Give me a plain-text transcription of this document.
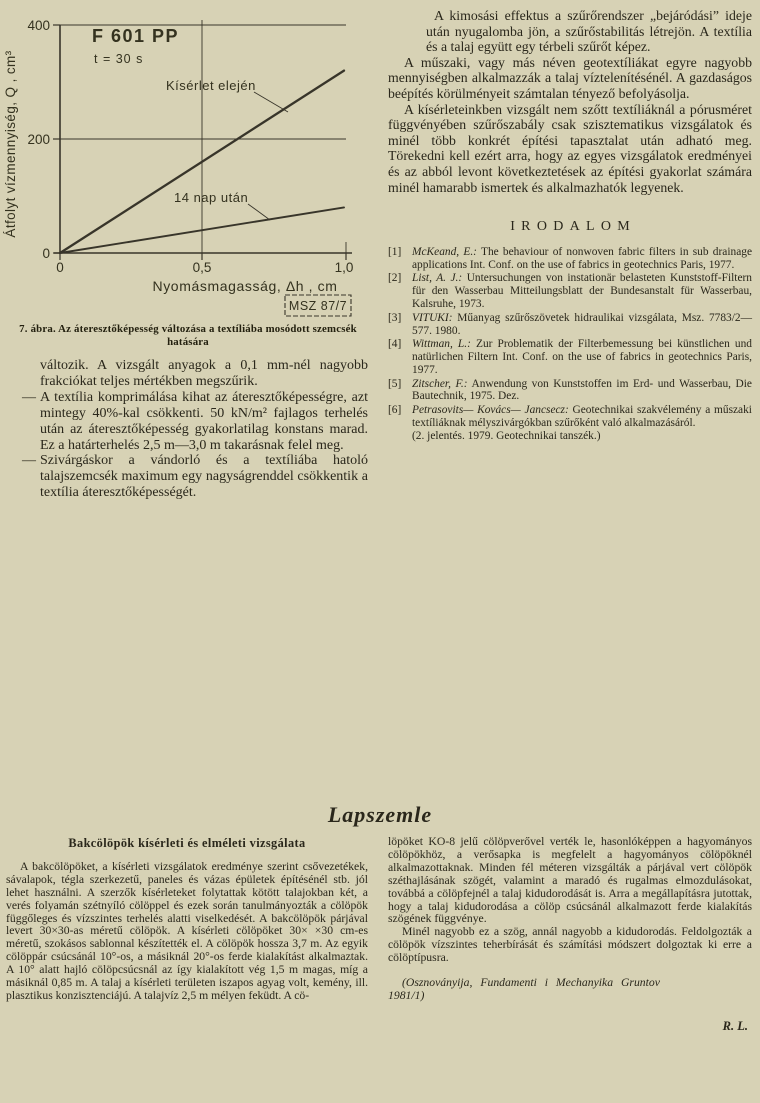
F 601 PP
t = 30 s
Kísérlet elején
14 nap után
400
200
0
0	0,5	1,0
Nyomásmagasság, Δh , cm
Átfolyt vízmennyiség, Q , cm³
MSZ 87/7
7. ábra. Az áteresztőképesség változása a textíliába mosódott szemcsék
hatására

változik. A vizsgált anyagok a 0,1 mm-nél nagyobb frakciókat teljes mértékben megszűrik.

— A textília komprimálása kihat az áteresztőképességre, azt mintegy 40%-kal csökkenti. 50 kN/m² fajlagos terhelés után az áteresztőképesség gyakorlatilag konstans marad. Ez a határterhelés 2,5 m—3,0 m takarásnak felel meg.

— Szivárgáskor a vándorló és a textíliába hatoló talajszemcsék maximum egy nagyságrenddel csökkentik a textília áteresztőképességét.

A kimosási effektus a szűrőrendszer „bejáródási” ideje után nyugalomba jön, a szűrőstabilitás létrejön. A textília és a talaj együtt egy térbeli szűrőt képez.

A műszaki, vagy más néven geotextíliákat egyre nagyobb mennyiségben alkalmazzák a talaj víztelenítésénél. A gazdaságos beépítés körülményeit számtalan tényező befolyásolja.

A kísérleteinkben vizsgált nem szőtt textíliáknál a pórusméret függvényében szűrőszabály csak szisztematikus vizsgálatok és minél több konkrét építési tapasztalat után adható meg. Törekedni kell ezért arra, hogy az egyes vizsgálatok eredményei és az abból levont következtetések az építési gyakorlat számára minél hamarabb ismertek és alkalmazhatók legyenek.

IRODALOM
[1] McKeand, E.: The behaviour of nonwoven fabric filters in sub drainage applications Int. Conf. on the use of fabrics in geotechnics Paris, 1977.
[2] List, A. J.: Untersuchungen von instationär belasteten Kunststoff-Filtern für den Wasserbau Mitteilungsblatt der Bundesanstalt für Wasserbau, Kalsruhe, 1973.
[3] VITUKI: Műanyag szűrőszövetek hidraulikai vizsgálata, Msz. 7783/2—577. 1980.
[4] Wittman, L.: Zur Problematik der Filterbemessung bei künstlichen und natürlichen Filtern Int. Conf. on the use of fabrics in geotechnics Paris, 1977.
[5] Zitscher, F.: Anwendung von Kunststoffen im Erd- und Wasserbau, Die Bautechnik, 1975. Dez.
[6] Petrasovits— Kovács— Jancsecz: Geotechnikai szakvélemény a műszaki textíliáknak mélyszivárgókban szűrőként való alkalmazásáról.
(2. jelentés. 1979. Geotechnikai tanszék.)
Lapszemle
Bakcölöpök kísérleti és elméleti vizsgálata

A bakcölöpöket, a kísérleti vizsgálatok eredménye szerint csővezetékek, sávalapok, tégla szerkezetű, paneles és vázas épületek építésénél stb. jól lehet használni. A szerzők kísérleteket folytattak kötött talajokban két, a verés folyamán szétnyíló cölöppel és ezek során tanulmányozták a cölöpök függőleges és vízszintes terhelés alatti viselkedését. A bakcölöpök párjával levert 30×30-as méretű cölöpök. A kísérleti cölöpöket 30× ×30 cm-es méretű, szokásos sablonnal készítették el. A cölöpök hossza 3,7 m. Az egyik cölöppár csúcsánál 10°-os, a másiknál 20°-os ferde kialakítást alkalmaztak. A 10° alatt hajló cölöpcsúcsnál az így kialakított vég 1,5 m magas, míg a másiknál 0,85 m. A talaj a kísérleti területen iszapos agyag volt, kemény, ill. plasztikus konzisztenciájú. A talajvíz 2,5 m mélyen feküdt. A cö-

löpöket KO-8 jelű cölöpverővel verték le, hasonlóképpen a hagyományos cölöpökhöz, a verősapka is megfelelt a hagyományos cölöpöknél alkalmazottaknak. Minden fél méteren vizsgálták a párjával vert cölöpök széthajlásának szögét, valamint a maradó és rugalmas elmozdulásokat, továbbá a cölöpfejnél a talaj kidudorodását is. Arra a megállapításra jutottak, hogy a talaj kidudorodása a cölöp csúcsánál alkalmazott ferde kialakítás szögének függvénye.

Minél nagyobb ez a szög, annál nagyobb a kidudorodás. Feldolgozták a cölöpök vízszintes teherbírását és számítási módszert dolgoztak ki erre a cölöptípusra.

(Osznoványija, Fundamenti i Mechanyika Gruntov
1981/1)

R. L.
